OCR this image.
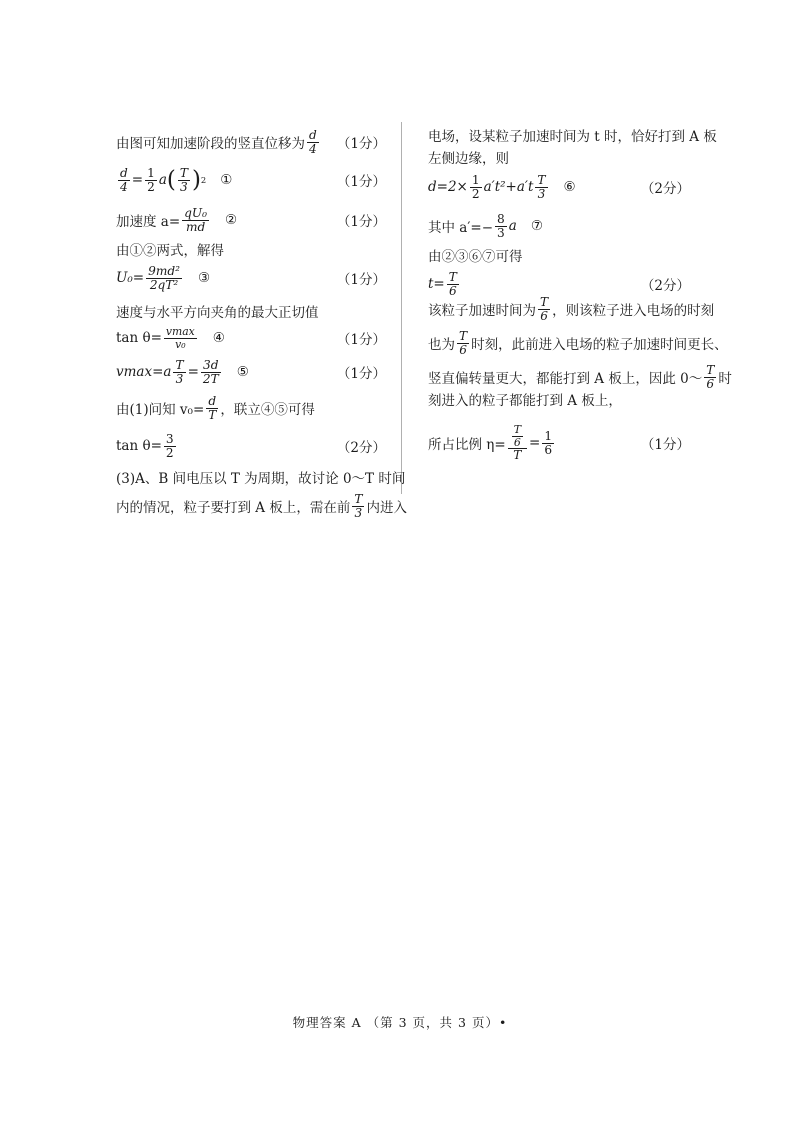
由图可知加速阶段的竖直位移为 $\frac{d}{4} (1$分）
$\frac{d}{4} = \frac{1}{2}$ a ( $\frac{T}{3}$ ) 2 ①	（1分）
加速度 $a= \frac{\text{qU₀}}{md}$ ②	（1分）
由①②两式，解得
$U_0= \frac{\text{9md²}}{\text{2qT²}}$ ③	（1分）
速度与水平方向夹角的最大正切值
$\tan \theta= \frac{vmax}{\text{v₀}}$ ④	（1分）
$vmax=a \frac{T}{3} = \frac{3d}{2T}$ ⑤	（1分）
由(1)问知 $v_0= \frac{d}{T}$ ，联立④⑤可得
$\tan \theta= \frac{3}{2}$	（2分）
(3)A、B 间电压以 T 为周期，故讨论 0～T 时间
内的情况，粒子要打到 A 板上，需在前 $\frac{T}{3}$ 内进入
电场，设某粒子加速时间为 t 时，恰好打到 A 板
左侧边缘，则
$d=2\times \frac{1}{2} a't^2+a't \frac{T}{3}$ ⑥	（2分）
其中 $a'=- \frac{8}{3}$ a ⑦
由②③⑥⑦可得
$t= \frac{T}{6}$	（2分）
该粒子加速时间为 $\frac{T}{6}$ ，则该粒子进入电场的时刻
也为 $\frac{T}{6}$ 时刻，此前进入电场的粒子加速时间更长、
竖直偏转量更大，都能打到 A 板上，因此 0～ $\frac{T}{6}$ 时
刻进入的粒子都能打到 A 板上，
所占比例 $\eta= \frac{\frac{T}{6}}{T} = \frac{1}{6}$	（1分）
物理答案 A （第 3 页，共 3 页）•
